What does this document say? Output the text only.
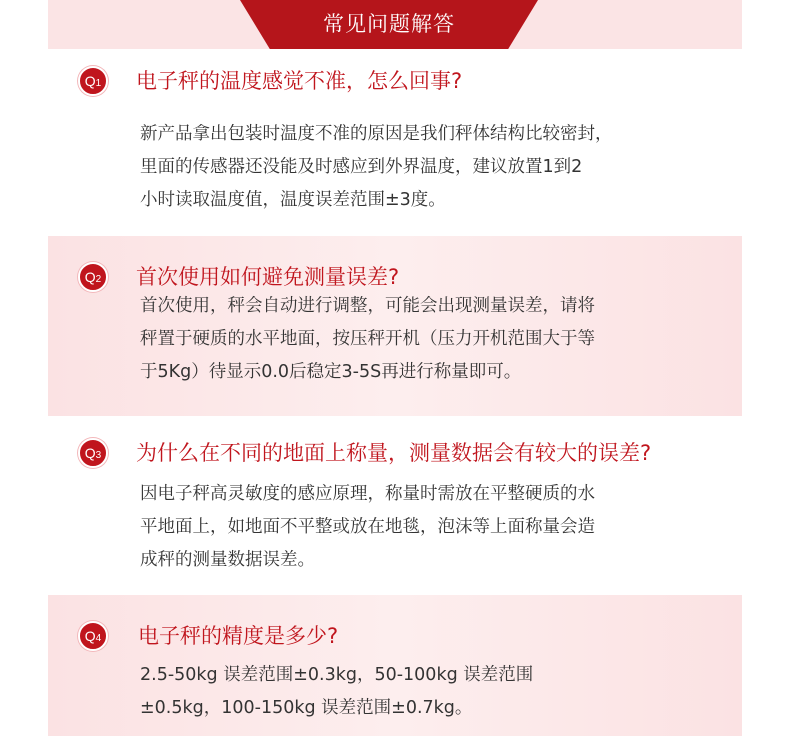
常见问题解答
Q1	电子秤的温度感觉不准，怎么回事?
新产品拿出包装时温度不准的原因是我们秤体结构比较密封，
里面的传感器还没能及时感应到外界温度，建议放置1到2
小时读取温度值，温度误差范围±3度。
Q2	首次使用如何避免测量误差?
首次使用，秤会自动进行调整，可能会出现测量误差，请将
秤置于硬质的水平地面，按压秤开机（压力开机范围大于等
于5Kg）待显示0.0后稳定3-5S再进行称量即可。
Q3	为什么在不同的地面上称量，测量数据会有较大的误差?
因电子秤高灵敏度的感应原理，称量时需放在平整硬质的水
平地面上，如地面不平整或放在地毯，泡沫等上面称量会造
成秤的测量数据误差。
Q4	电子秤的精度是多少?
2.5-50kg 误差范围±0.3kg，50-100kg 误差范围
±0.5kg，100-150kg 误差范围±0.7kg。
